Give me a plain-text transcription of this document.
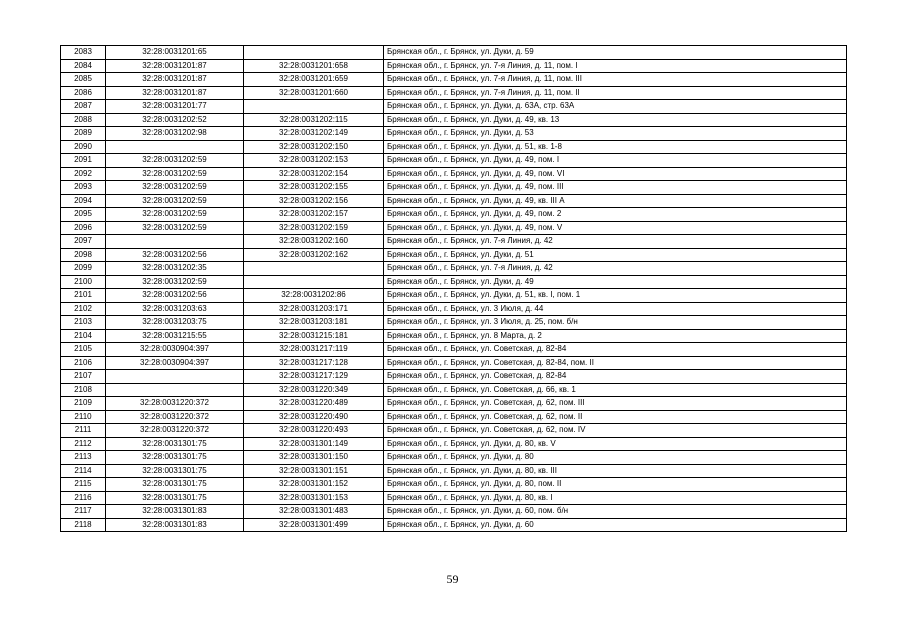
2083	32:28:0031201:65		Брянская обл., г. Брянск, ул. Дуки, д. 59
2084	32:28:0031201:87	32:28:0031201:658	Брянская обл., г. Брянск, ул. 7-я Линия, д. 11, пом. I
2085	32:28:0031201:87	32:28:0031201:659	Брянская обл., г. Брянск, ул. 7-я Линия, д. 11, пом. III
2086	32:28:0031201:87	32:28:0031201:660	Брянская обл., г. Брянск, ул. 7-я Линия, д. 11, пом. II
2087	32:28:0031201:77		Брянская обл., г. Брянск, ул. Дуки, д. 63А, стр. 63А
2088	32:28:0031202:52	32:28:0031202:115	Брянская обл., г. Брянск, ул. Дуки, д. 49, кв. 13
2089	32:28:0031202:98	32:28:0031202:149	Брянская обл., г. Брянск, ул. Дуки, д. 53
2090		32:28:0031202:150	Брянская обл., г. Брянск, ул. Дуки, д. 51, кв. 1-8
2091	32:28:0031202:59	32:28:0031202:153	Брянская обл., г. Брянск, ул. Дуки, д. 49, пом. I
2092	32:28:0031202:59	32:28:0031202:154	Брянская обл., г. Брянск, ул. Дуки, д. 49, пом. VI
2093	32:28:0031202:59	32:28:0031202:155	Брянская обл., г. Брянск, ул. Дуки, д. 49, пом. III
2094	32:28:0031202:59	32:28:0031202:156	Брянская обл., г. Брянск, ул. Дуки, д. 49, кв. III А
2095	32:28:0031202:59	32:28:0031202:157	Брянская обл., г. Брянск, ул. Дуки, д. 49, пом. 2
2096	32:28:0031202:59	32:28:0031202:159	Брянская обл., г. Брянск, ул. Дуки, д. 49, пом. V
2097		32:28:0031202:160	Брянская обл., г. Брянск, ул. 7-я Линия, д. 42
2098	32:28:0031202:56	32:28:0031202:162	Брянская обл., г. Брянск, ул. Дуки, д. 51
2099	32:28:0031202:35		Брянская обл., г. Брянск, ул. 7-я Линия, д. 42
2100	32:28:0031202:59		Брянская обл., г. Брянск, ул. Дуки, д. 49
2101	32:28:0031202:56	32:28:0031202:86	Брянская обл., г. Брянск, ул. Дуки, д. 51, кв. I, пом. 1
2102	32:28:0031203:63	32:28:0031203:171	Брянская обл., г. Брянск, ул. 3 Июля, д. 44
2103	32:28:0031203:75	32:28:0031203:181	Брянская обл., г. Брянск, ул. 3 Июля, д. 25, пом. б/н
2104	32:28:0031215:55	32:28:0031215:181	Брянская обл., г. Брянск, ул. 8 Марта, д. 2
2105	32:28:0030904:397	32:28:0031217:119	Брянская обл., г. Брянск, ул. Советская, д. 82-84
2106	32:28:0030904:397	32:28:0031217:128	Брянская обл., г. Брянск, ул. Советская, д. 82-84, пом. II
2107		32:28:0031217:129	Брянская обл., г. Брянск, ул. Советская, д. 82-84
2108		32:28:0031220:349	Брянская обл., г. Брянск, ул. Советская, д. 66, кв. 1
2109	32:28:0031220:372	32:28:0031220:489	Брянская обл., г. Брянск, ул. Советская, д. 62, пом. III
2110	32:28:0031220:372	32:28:0031220:490	Брянская обл., г. Брянск, ул. Советская, д. 62, пом. II
2111	32:28:0031220:372	32:28:0031220:493	Брянская обл., г. Брянск, ул. Советская, д. 62, пом. IV
2112	32:28:0031301:75	32:28:0031301:149	Брянская обл., г. Брянск, ул. Дуки, д. 80, кв. V
2113	32:28:0031301:75	32:28:0031301:150	Брянская обл., г. Брянск, ул. Дуки, д. 80
2114	32:28:0031301:75	32:28:0031301:151	Брянская обл., г. Брянск, ул. Дуки, д. 80, кв. III
2115	32:28:0031301:75	32:28:0031301:152	Брянская обл., г. Брянск, ул. Дуки, д. 80, пом. II
2116	32:28:0031301:75	32:28:0031301:153	Брянская обл., г. Брянск, ул. Дуки, д. 80, кв. I
2117	32:28:0031301:83	32:28:0031301:483	Брянская обл., г. Брянск, ул. Дуки, д. 60, пом. б/н
2118	32:28:0031301:83	32:28:0031301:499	Брянская обл., г. Брянск, ул. Дуки, д. 60
59
